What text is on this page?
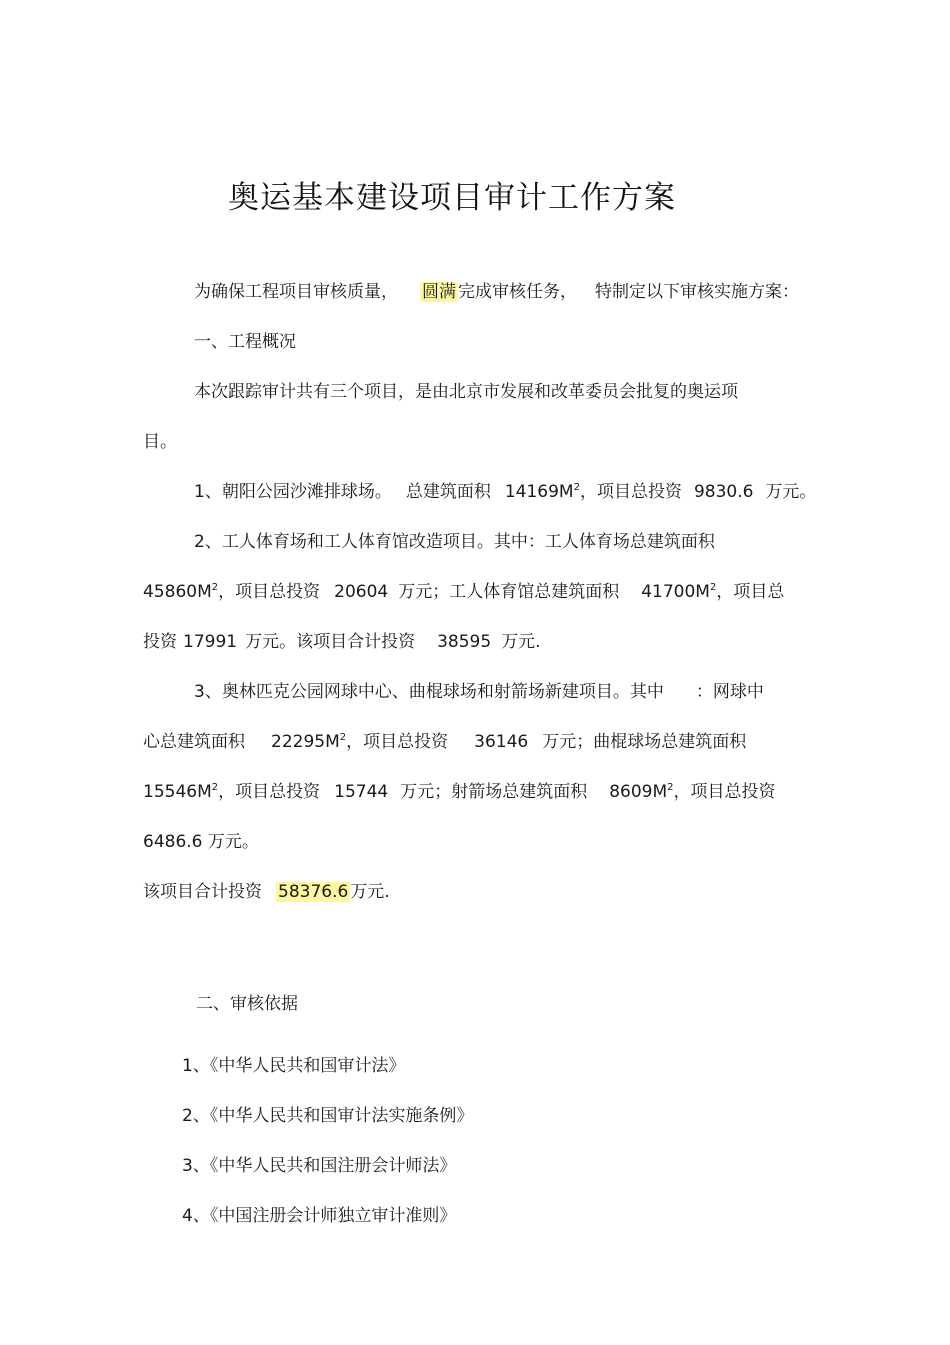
奥运基本建设项目审计工作方案
为确保工程项目审核质量， 圆满 完成审核任务， 特制定以下审核实施方案：
一、工程概况
本次跟踪审计共有三个项目，是由北京市发展和改革委员会批复的奥运项
目。
1、朝阳公园沙滩排球场。 总建筑面积 $14169M^2$，项目总投资 9830.6 万元。
2、工人体育场和工人体育馆改造项目。其中：工人体育场总建筑面积
$45860M^2$，项目总投资 20604 万元；工人体育馆总建筑面积 $41700M^2$，项目总
投资 17991 万元。该项目合计投资 38595 万元.
3、奥林匹克公园网球中心、曲棍球场和射箭场新建项目。其中 ：网球中
心总建筑面积 $22295M^2$，项目总投资 36146 万元；曲棍球场总建筑面积
$15546M^2$，项目总投资 15744 万元；射箭场总建筑面积 $8609M^2$，项目总投资
6486.6 万元。
该项目合计投资 58376.6 万元.
二、审核依据
1、《中华人民共和国审计法》
2、《中华人民共和国审计法实施条例》
3、《中华人民共和国注册会计师法》
4、《中国注册会计师独立审计准则》
